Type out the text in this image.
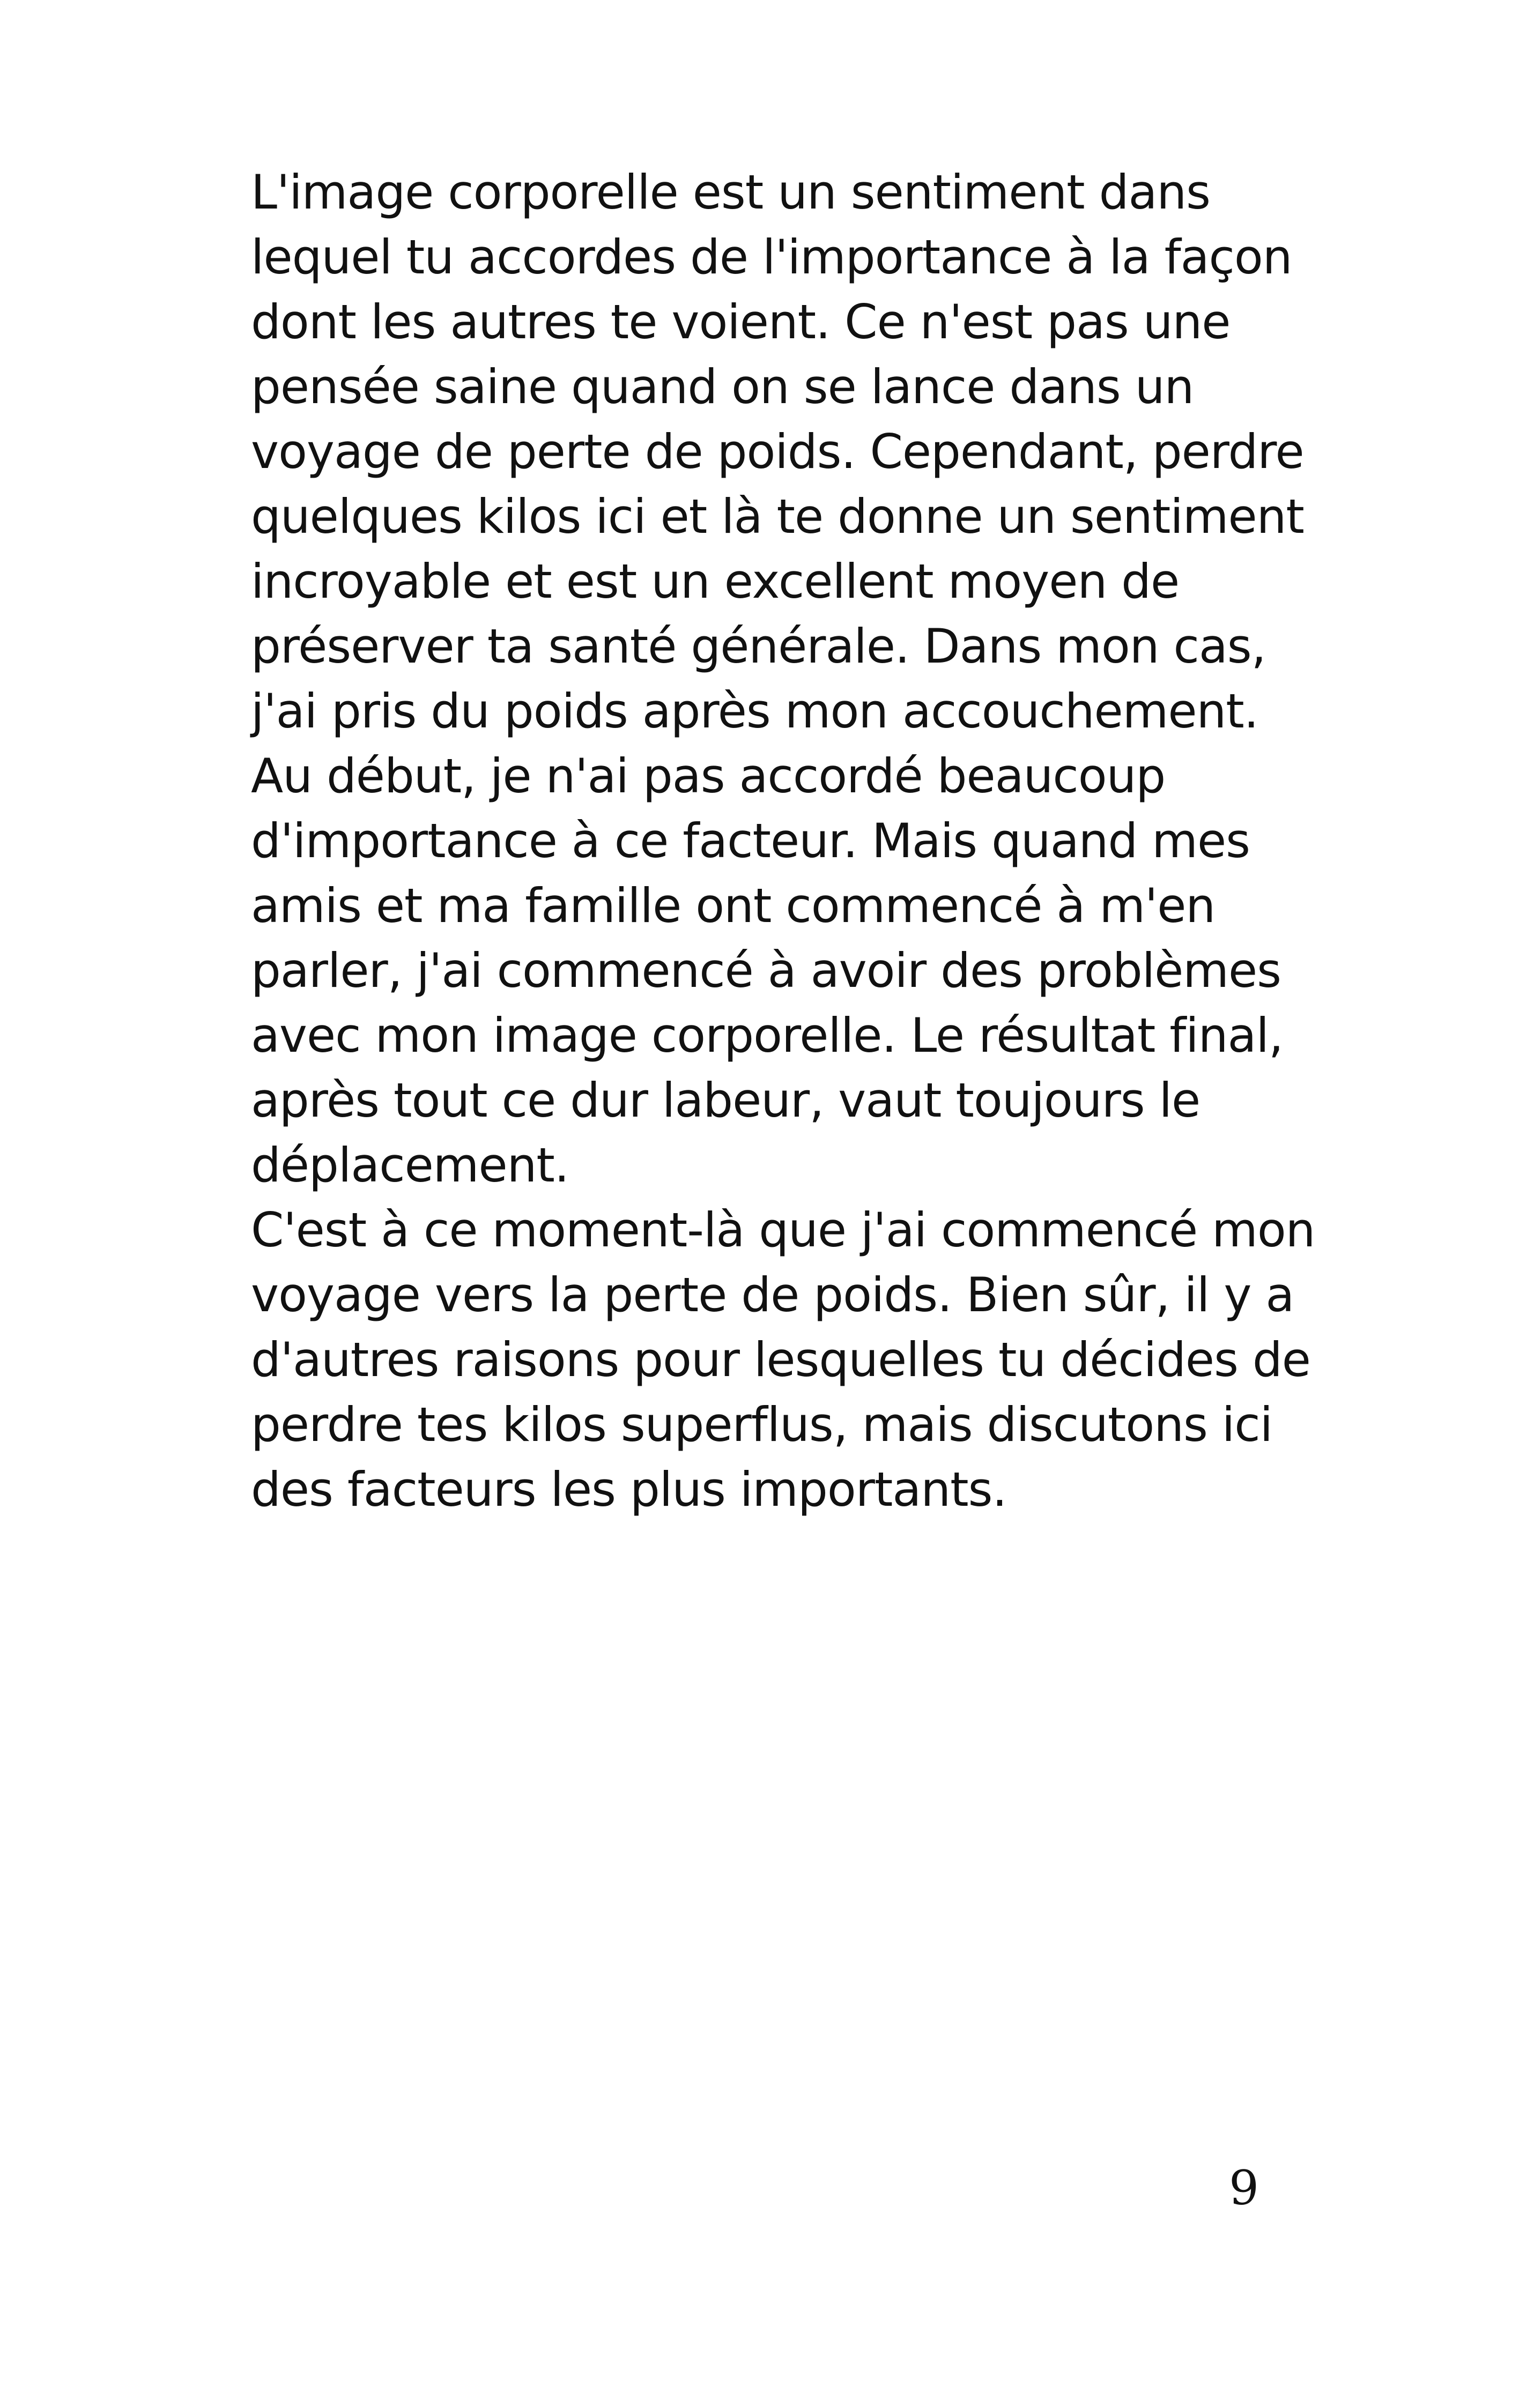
L'image corporelle est un sentiment dans
lequel tu accordes de l'importance à la façon
dont les autres te voient. Ce n'est pas une
pensée saine quand on se lance dans un
voyage de perte de poids. Cependant, perdre
quelques kilos ici et là te donne un sentiment
incroyable et est un excellent moyen de
préserver ta santé générale. Dans mon cas,
j'ai pris du poids après mon accouchement.
Au début, je n'ai pas accordé beaucoup
d'importance à ce facteur. Mais quand mes
amis et ma famille ont commencé à m'en
parler, j'ai commencé à avoir des problèmes
avec mon image corporelle. Le résultat final,
après tout ce dur labeur, vaut toujours le
déplacement.
C'est à ce moment-là que j'ai commencé mon
voyage vers la perte de poids. Bien sûr, il y a
d'autres raisons pour lesquelles tu décides de
perdre tes kilos superflus, mais discutons ici
des facteurs les plus importants.
9
